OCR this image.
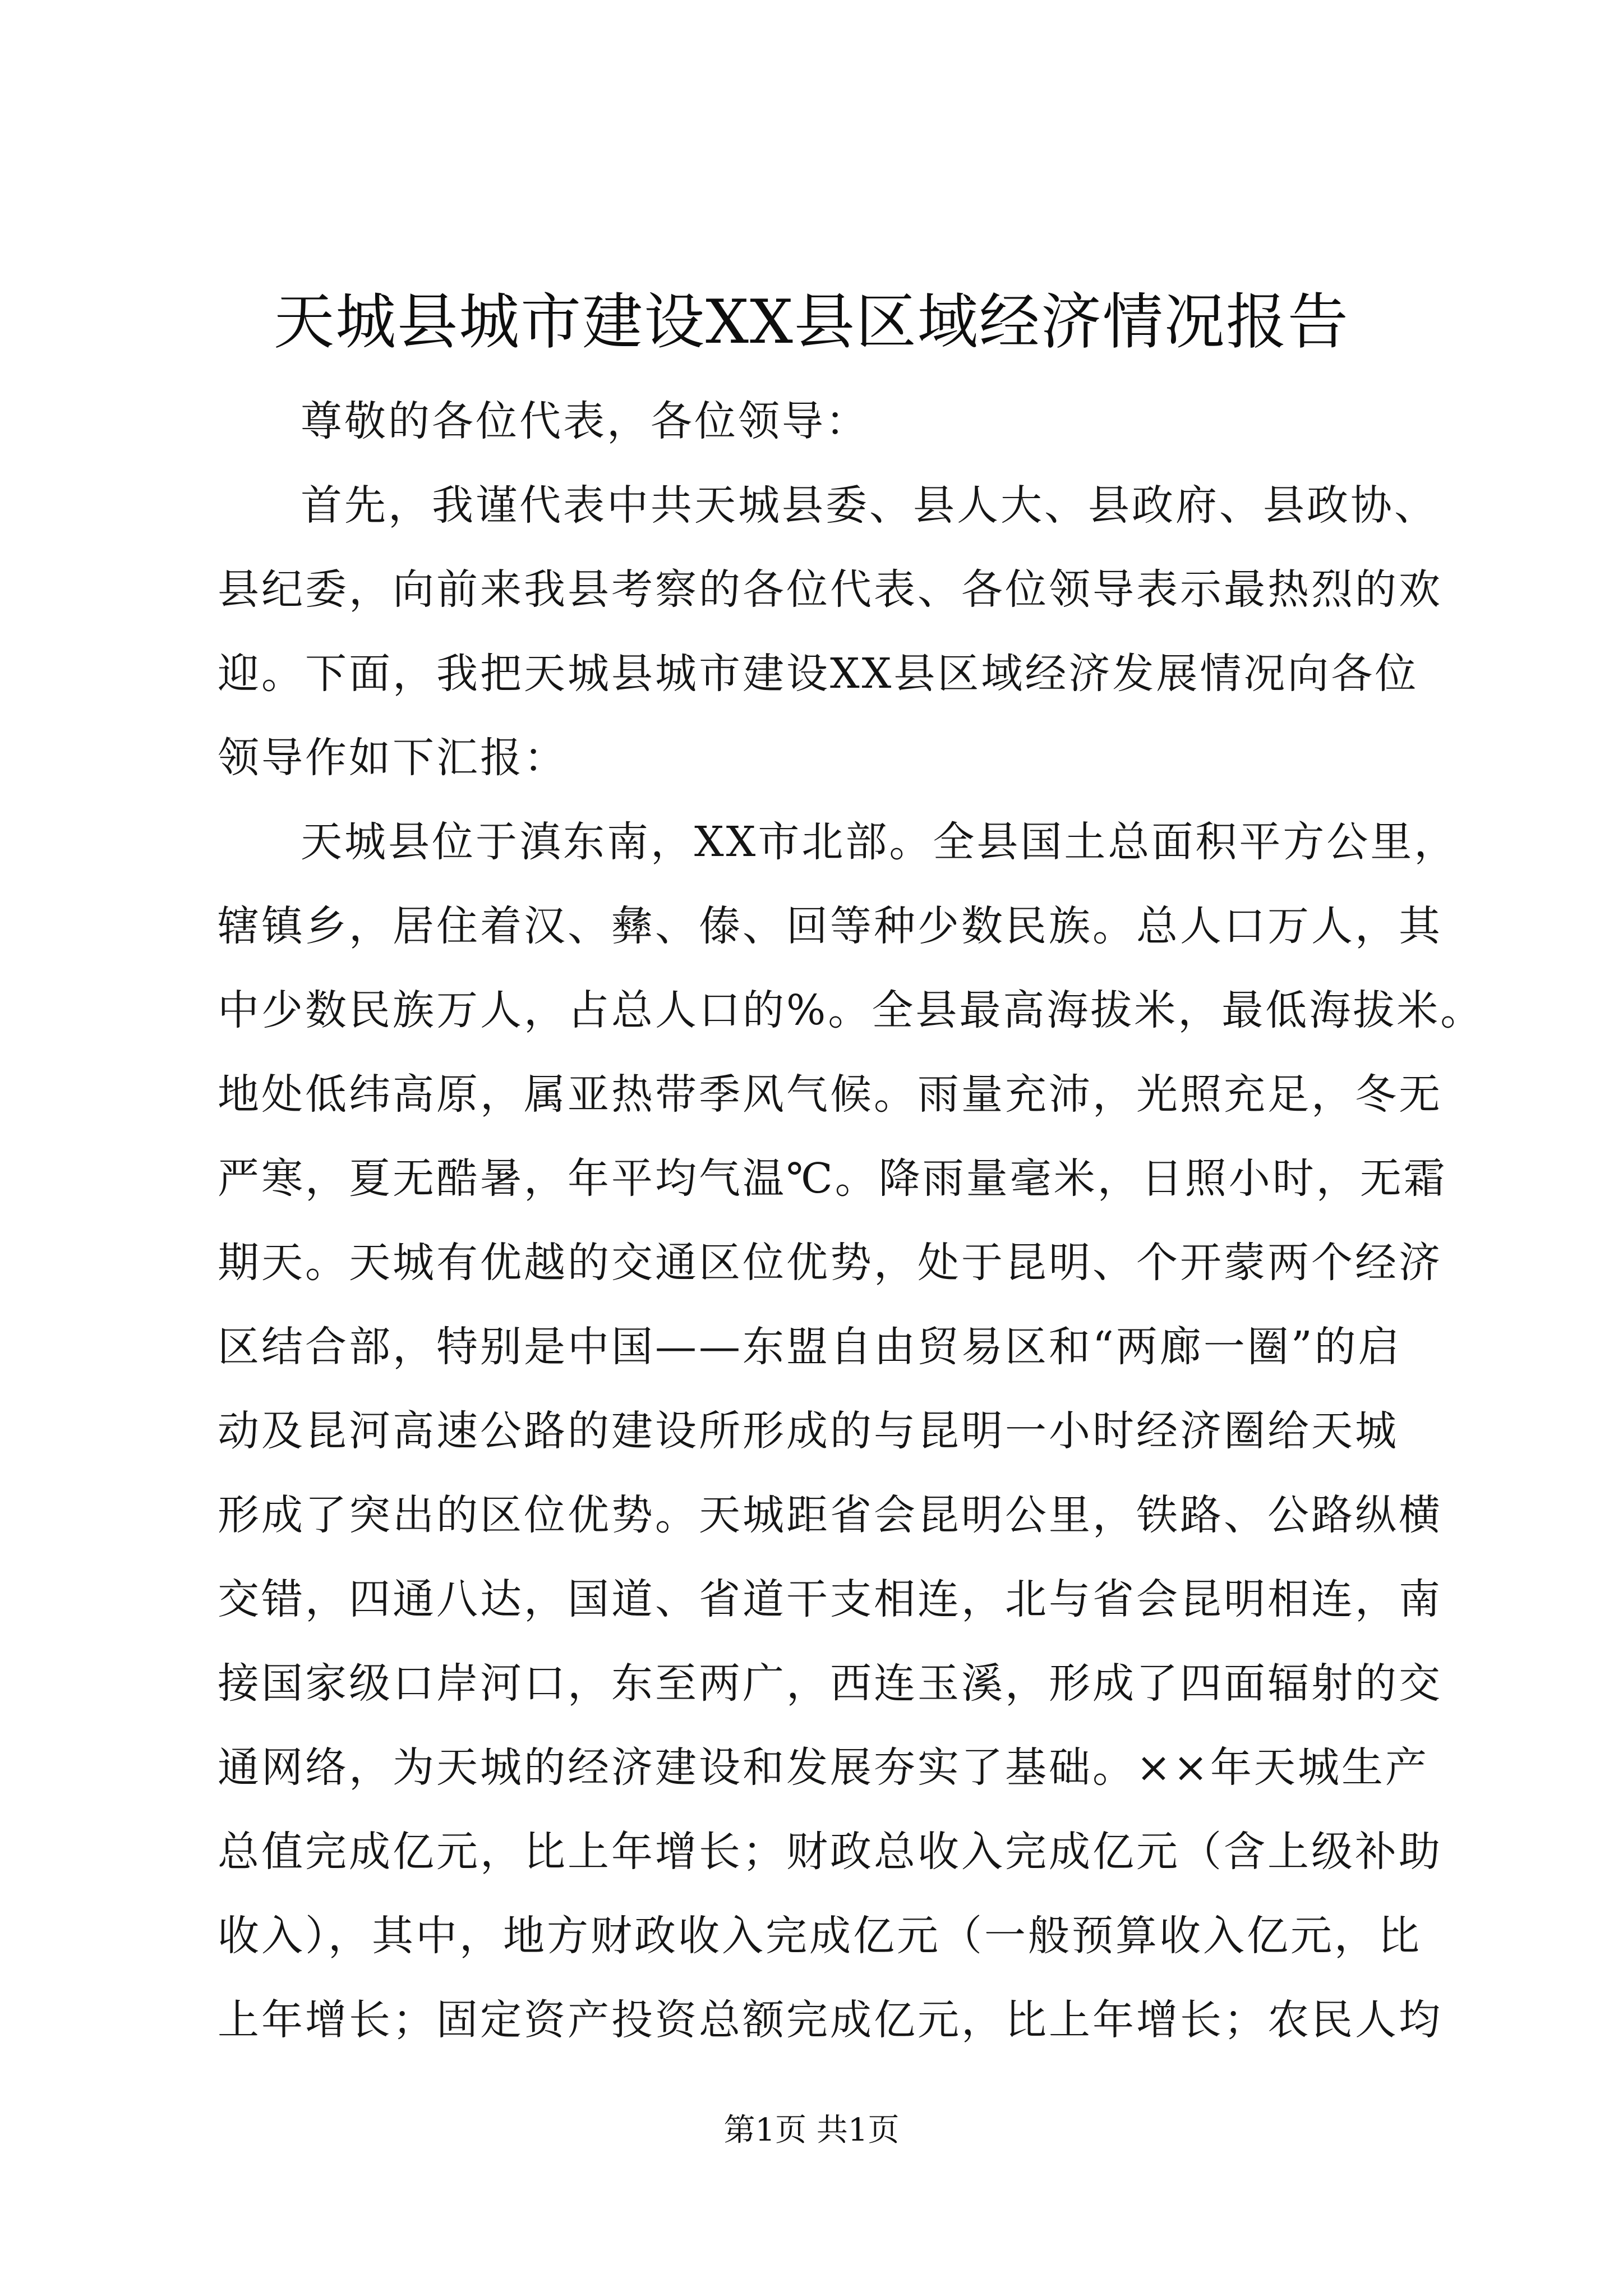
天城县城市建设XX县区域经济情况报告
尊敬的各位代表，各位领导：
首先，我谨代表中共天城县委、县人大、县政府、县政协、
县纪委，向前来我县考察的各位代表、各位领导表示最热烈的欢
迎。下面，我把天城县城市建设XX县区域经济发展情况向各位
领导作如下汇报：
天城县位于滇东南，XX市北部。全县国土总面积平方公里，
辖镇乡，居住着汉、彝、傣、回等种少数民族。总人口万人，其
中少数民族万人，占总人口的%。全县最高海拔米，最低海拔米。
地处低纬高原，属亚热带季风气候。雨量充沛，光照充足，冬无
严寒，夏无酷暑，年平均气温℃。降雨量毫米，日照小时，无霜
期天。天城有优越的交通区位优势，处于昆明、个开蒙两个经济
区结合部，特别是中国——东盟自由贸易区和“两廊一圈”的启
动及昆河高速公路的建设所形成的与昆明一小时经济圈给天城
形成了突出的区位优势。天城距省会昆明公里，铁路、公路纵横
交错，四通八达，国道、省道干支相连，北与省会昆明相连，南
接国家级口岸河口，东至两广，西连玉溪，形成了四面辐射的交
通网络，为天城的经济建设和发展夯实了基础。××年天城生产
总值完成亿元，比上年增长；财政总收入完成亿元（含上级补助
收入），其中，地方财政收入完成亿元（一般预算收入亿元，比
上年增长；固定资产投资总额完成亿元，比上年增长；农民人均
第1页 共1页
